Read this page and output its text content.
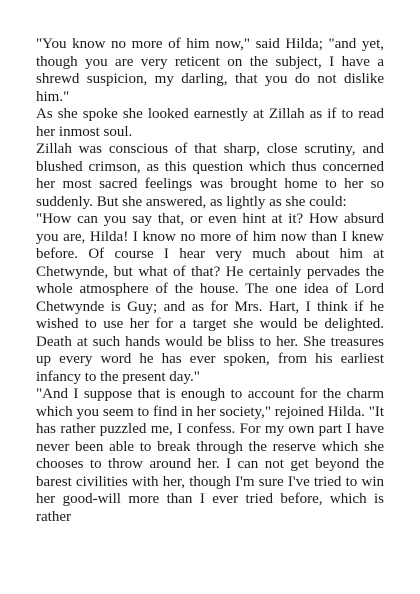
"You know no more of him now," said Hilda; "and yet, though you are very reticent on the subject, I have a shrewd suspicion, my darling, that you do not dislike him."

As she spoke she looked earnestly at Zillah as if to read her inmost soul.

Zillah was conscious of that sharp, close scrutiny, and blushed crimson, as this question which thus concerned her most sacred feelings was brought home to her so suddenly. But she answered, as lightly as she could:

"How can you say that, or even hint at it? How absurd you are, Hilda! I know no more of him now than I knew before. Of course I hear very much about him at Chetwynde, but what of that? He certainly pervades the whole atmosphere of the house. The one idea of Lord Chetwynde is Guy; and as for Mrs. Hart, I think if he wished to use her for a target she would be delighted. Death at such hands would be bliss to her. She treasures up every word he has ever spoken, from his earliest infancy to the present day."

"And I suppose that is enough to account for the charm which you seem to find in her society," rejoined Hilda. "It has rather puzzled me, I confess. For my own part I have never been able to break through the reserve which she chooses to throw around her. I can not get beyond the barest civilities with her, though I'm sure I've tried to win her good-will more than I ever tried before, which is rather
